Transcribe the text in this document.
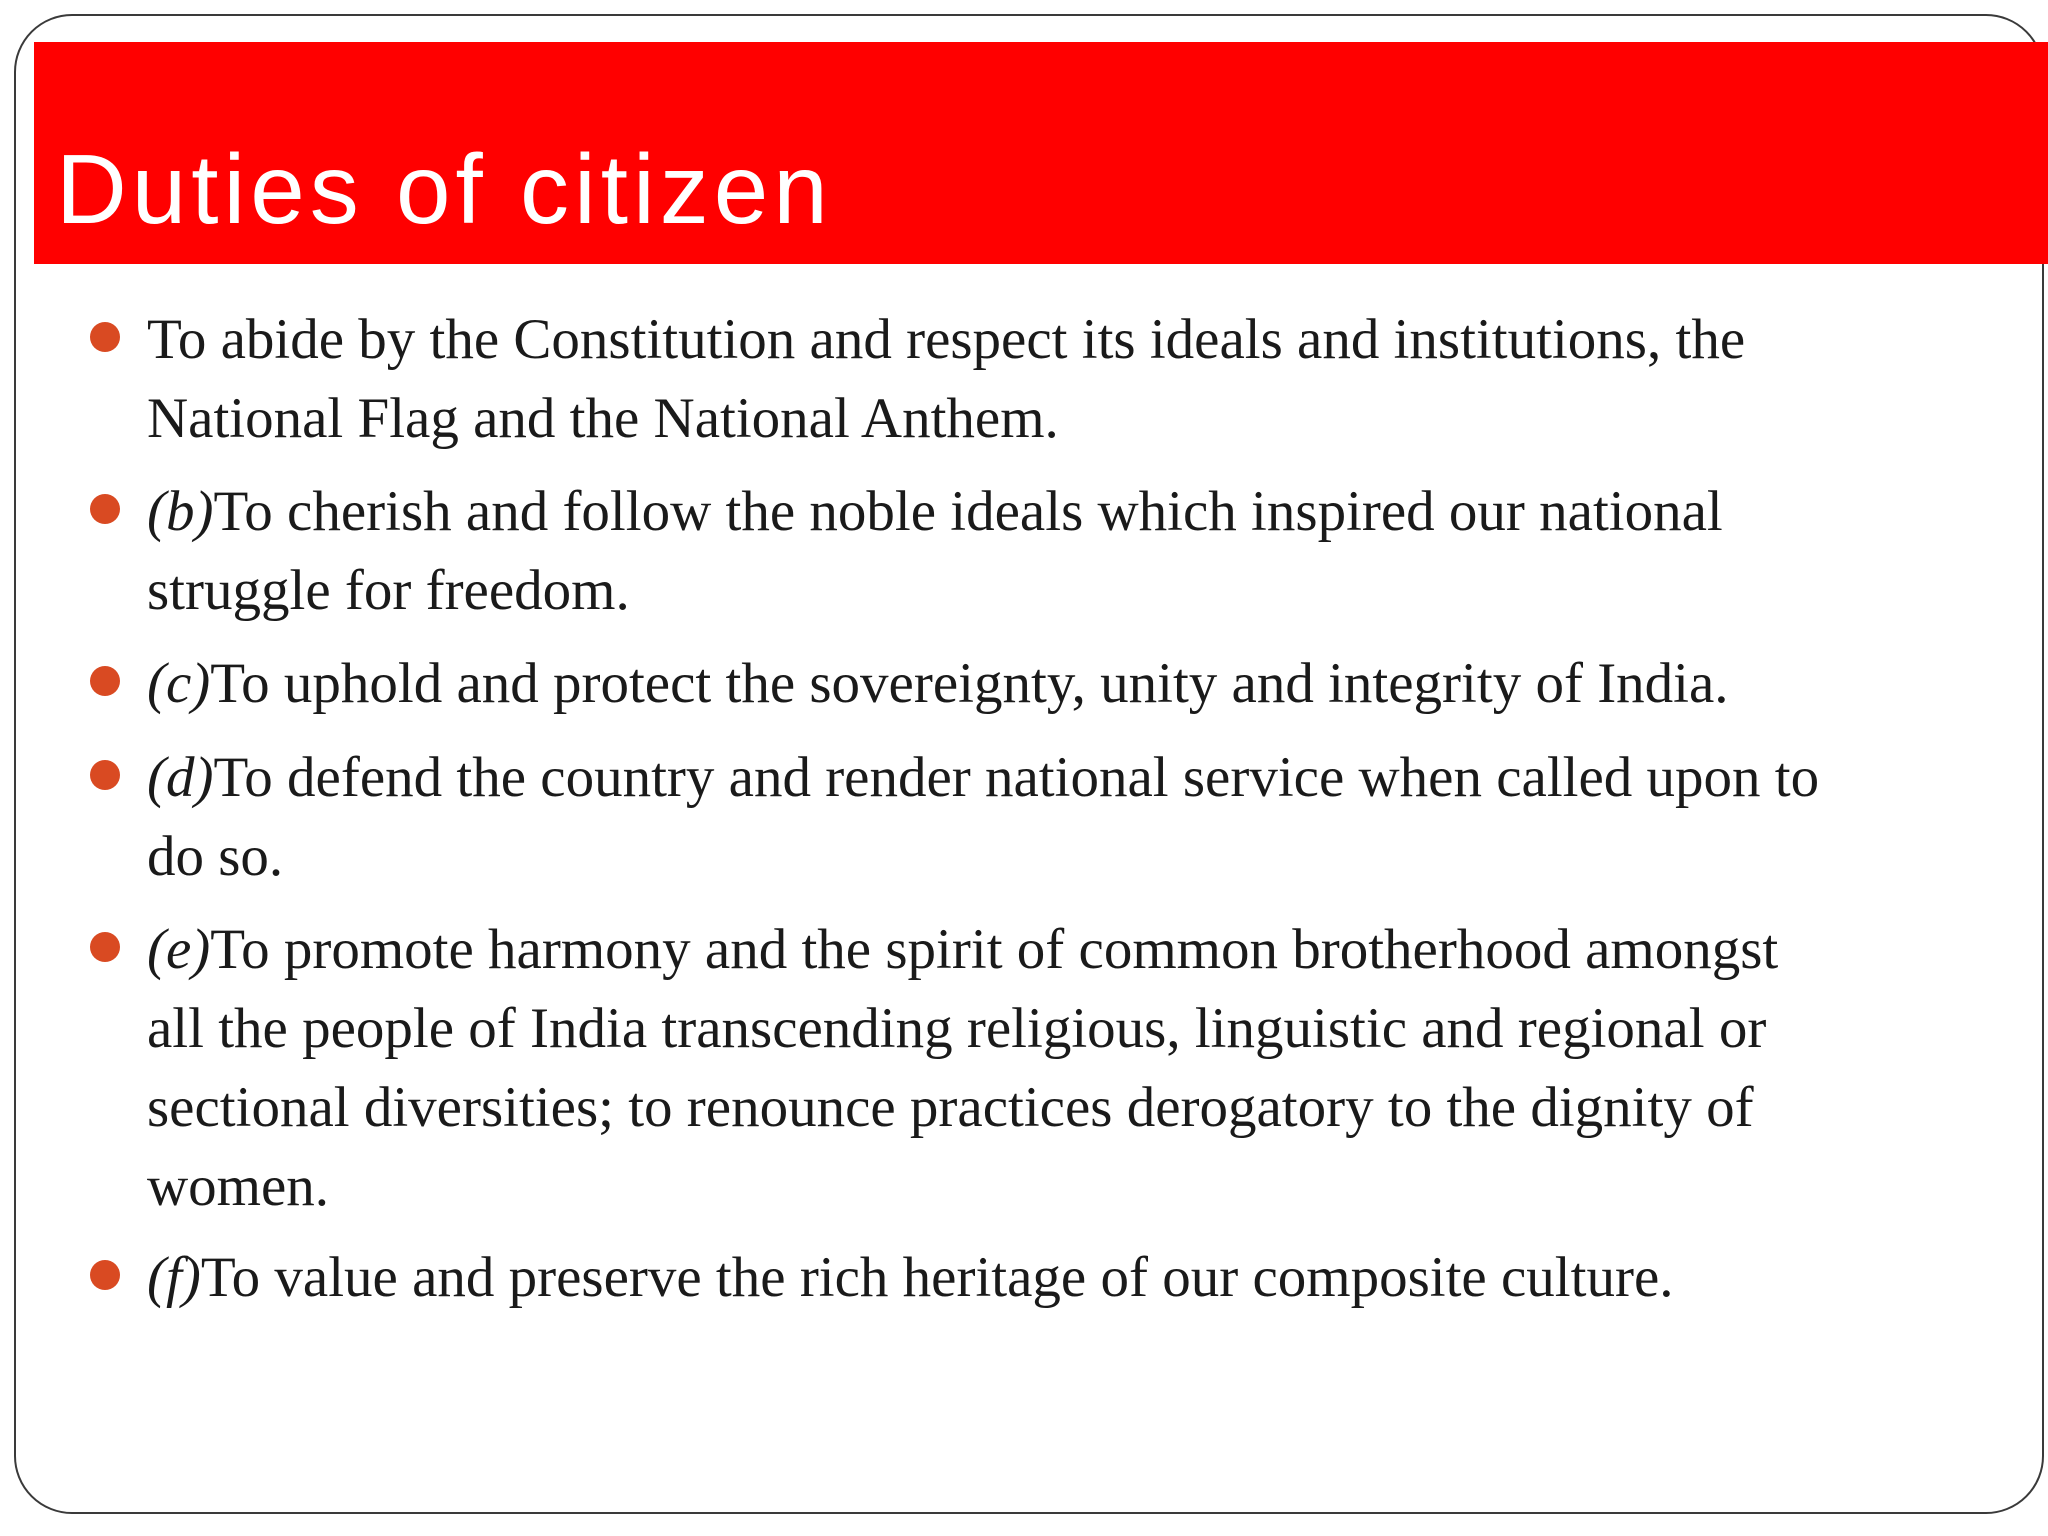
Duties of citizen
To abide by the Constitution and respect its ideals and institutions, the
National Flag and the National Anthem.
(b)To cherish and follow the noble ideals which inspired our national
struggle for freedom.
(c)To uphold and protect the sovereignty, unity and integrity of India.
(d)To defend the country and render national service when called upon to
do so.
(e)To promote harmony and the spirit of common brotherhood amongst
all the people of India transcending religious, linguistic and regional or
sectional diversities; to renounce practices derogatory to the dignity of
women.
(f)To value and preserve the rich heritage of our composite culture.
